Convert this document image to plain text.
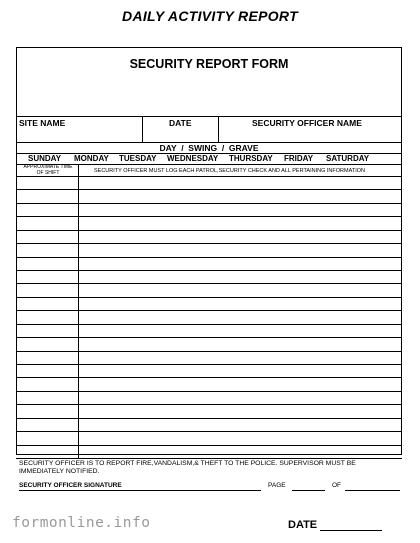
DAILY ACTIVITY REPORT
SECURITY REPORT FORM
SITE NAME	DATE	SECURITY OFFICER NAME
DAY  /  SWING  /  GRAVE
SUNDAY MONDAY TUESDAY WEDNESDAY THURSDAY FRIDAY SATURDAY
APPROXIMATE TIME OF SHIFT	SECURITY OFFICER MUST LOG EACH PATROL,SECURITY CHECK AND ALL PERTAINING INFORMATION
SECURITY OFFICER IS TO REPORT FIRE,VANDALISM,& THEFT TO THE POLICE. SUPERVISOR MUST BE IMMEDIATELY NOTIFIED.
SECURITY OFFICER SIGNATURE	PAGE	OF
formonline.info	DATE
